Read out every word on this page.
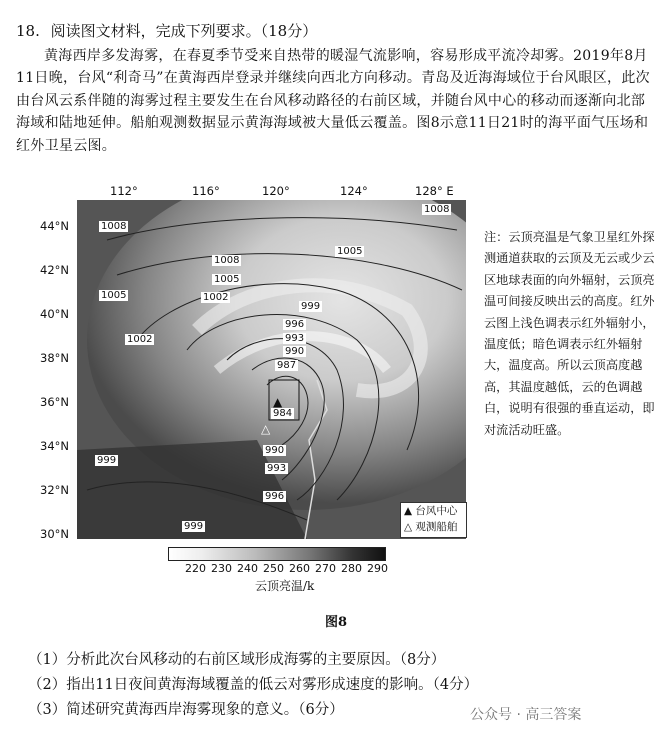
18. 阅读图文材料，完成下列要求。（18分）
黄海西岸多发海雾，在春夏季节受来自热带的暖湿气流影响，容易形成平流冷却雾。2019年8月11日晚，台风“利奇马”在黄海西岸登录并继续向西北方向移动。青岛及近海海域位于台风眼区，此次由台风云系伴随的海雾过程主要发生在台风移动路径的右前区域，并随台风中心的移动而逐渐向北部海域和陆地延伸。船舶观测数据显示黄海海域被大量低云覆盖。图8示意11日21时的海平面气压场和红外卫星云图。
112°	116°	120°	124°	128° E
44°N
42°N
40°N
38°N
36°N
34°N
32°N
30°N
1008
1008
1008
1005
1005
1005	1002
1002
999
996
993
990
987
984
990
993
996
999
999
▲
△
▲ 台风中心
△ 观测船舶
注：云顶亮温是气象卫星红外探测通道获取的云顶及无云或少云区地球表面的向外辐射，云顶亮温可间接反映出云的高度。红外云图上浅色调表示红外辐射小，温度低；暗色调表示红外辐射大，温度高。所以云顶高度越高，其温度越低，云的色调越白，说明有很强的垂直运动，即对流活动旺盛。
220 230 240 250 260 270 280 290
云顶亮温/k
图8
（1）分析此次台风移动的右前区域形成海雾的主要原因。（8分）
（2）指出11日夜间黄海海域覆盖的低云对雾形成速度的影响。（4分）
（3）简述研究黄海西岸海雾现象的意义。（6分）	公众号 · 高三答案
